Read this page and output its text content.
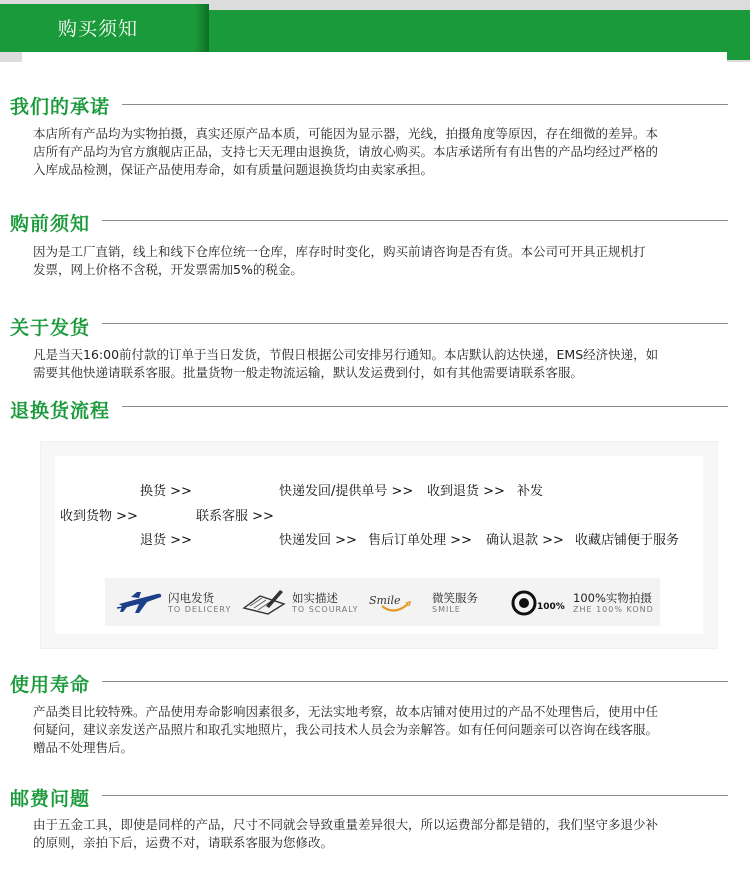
购买须知
我们的承诺
本店所有产品均为实物拍摄，真实还原产品本质，可能因为显示器，光线，拍摄角度等原因，存在细微的差异。本
店所有产品均为官方旗舰店正品，支持七天无理由退换货，请放心购买。本店承诺所有有出售的产品均经过严格的
入库成品检测，保证产品使用寿命，如有质量问题退换货均由卖家承担。
购前须知
因为是工厂直销，线上和线下仓库位统一仓库，库存时时变化，购买前请咨询是否有货。本公司可开具正规机打
发票，网上价格不含税，开发票需加5%的税金。
关于发货
凡是当天16:00前付款的订单于当日发货，节假日根据公司安排另行通知。本店默认韵达快递，EMS经济快递，如
需要其他快递请联系客服。批量货物一般走物流运输，默认发运费到付，如有其他需要请联系客服。
退换货流程
换货 >>	快递发回/提供单号 >> 收到退货 >> 补发
收到货物 >>	联系客服 >>
退货 >>	快递发回 >> 售后订单处理 >> 确认退款 >> 收藏店铺便于服务
闪电发货
TO DELICERY
如实描述
TO SCOURALY
Smile	微笑服务
SMILE	100%
100%实物拍摄
ZHE 100% KOND
使用寿命
产品类目比较特殊。产品使用寿命影响因素很多，无法实地考察，故本店铺对使用过的产品不处理售后，使用中任
何疑问，建议亲发送产品照片和取孔实地照片，我公司技术人员会为亲解答。如有任何问题亲可以咨询在线客服。
赠品不处理售后。
邮费问题
由于五金工具，即使是同样的产品，尺寸不同就会导致重量差异很大，所以运费部分都是错的，我们坚守多退少补
的原则，亲拍下后，运费不对，请联系客服为您修改。
